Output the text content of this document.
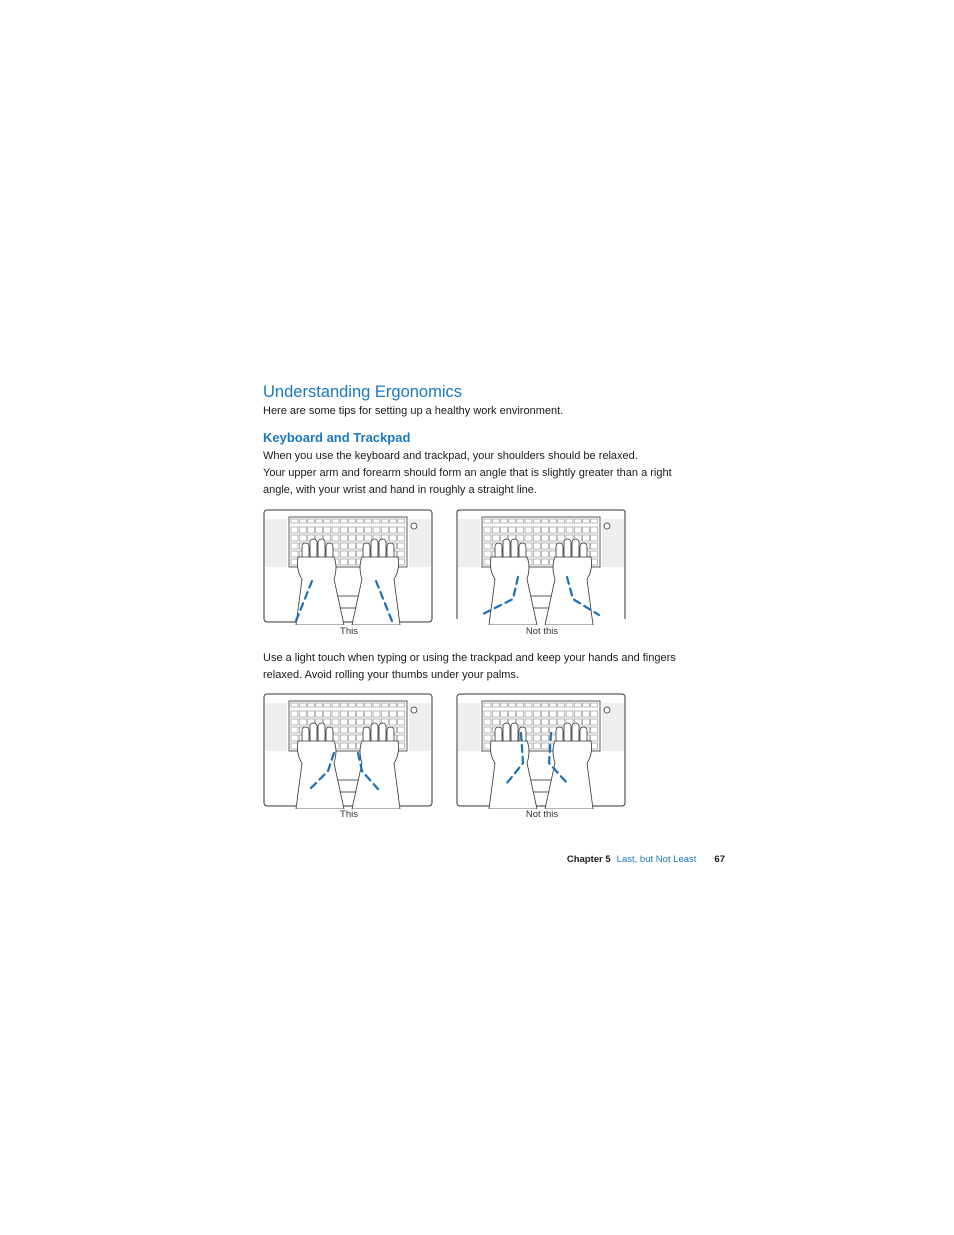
Understanding Ergonomics
Here are some tips for setting up a healthy work environment.
Keyboard and Trackpad
When you use the keyboard and trackpad, your shoulders should be relaxed.
Your upper arm and forearm should form an angle that is slightly greater than a right
angle, with your wrist and hand in roughly a straight line.
This	Not this
Use a light touch when typing or using the trackpad and keep your hands and fingers
relaxed. Avoid rolling your thumbs under your palms.
This	Not this
Chapter 5 Last, but Not Least 67
